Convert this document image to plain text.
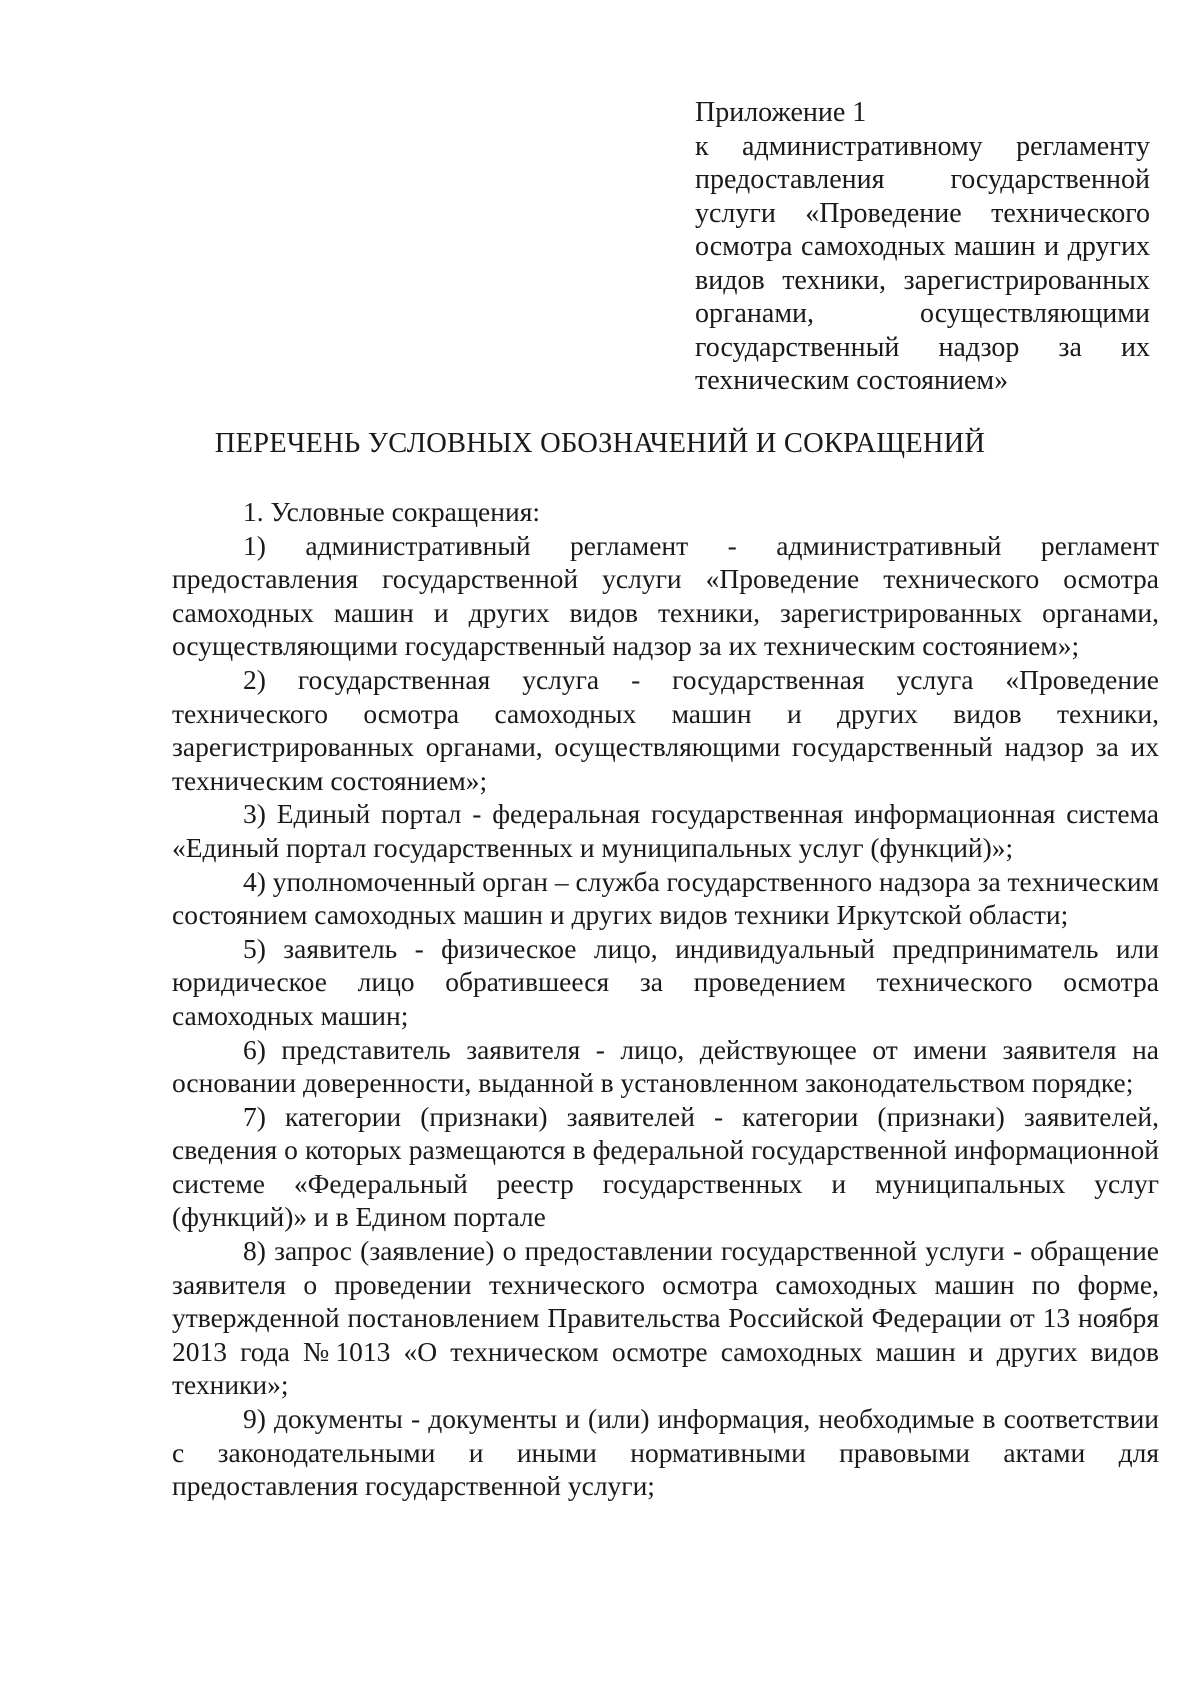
Приложение 1
к административному регламенту
предоставления государственной
услуги «Проведение технического
осмотра самоходных машин и других
видов техники, зарегистрированных
органами, осуществляющими
государственный надзор за их
техническим состоянием»
ПЕРЕЧЕНЬ УСЛОВНЫХ ОБОЗНАЧЕНИЙ И СОКРАЩЕНИЙ

1. Условные сокращения:

1) административный регламент - административный регламент предоставления государственной услуги «Проведение технического осмотра самоходных машин и других видов техники, зарегистрированных органами, осуществляющими государственный надзор за их техническим состоянием»;

2) государственная услуга - государственная услуга «Проведение технического осмотра самоходных машин и других видов техники, зарегистрированных органами, осуществляющими государственный надзор за их техническим состоянием»;

3) Единый портал - федеральная государственная информационная система «Единый портал государственных и муниципальных услуг (функций)»;

4) уполномоченный орган – служба государственного надзора за техническим состоянием самоходных машин и других видов техники Иркутской области;

5) заявитель - физическое лицо, индивидуальный предприниматель или юридическое лицо обратившееся за проведением технического осмотра самоходных машин;

6) представитель заявителя - лицо, действующее от имени заявителя на основании доверенности, выданной в установленном законодательством порядке;

7) категории (признаки) заявителей - категории (признаки) заявителей, сведения о которых размещаются в федеральной государственной информационной системе «Федеральный реестр государственных и муниципальных услуг (функций)» и в Едином портале

8) запрос (заявление) о предоставлении государственной услуги - обращение заявителя о проведении технического осмотра самоходных машин по форме, утвержденной постановлением Правительства Российской Федерации от 13 ноября 2013 года №1013 «О техническом осмотре самоходных машин и других видов техники»;

9) документы - документы и (или) информация, необходимые в соответствии с законодательными и иными нормативными правовыми актами для предоставления государственной услуги;
